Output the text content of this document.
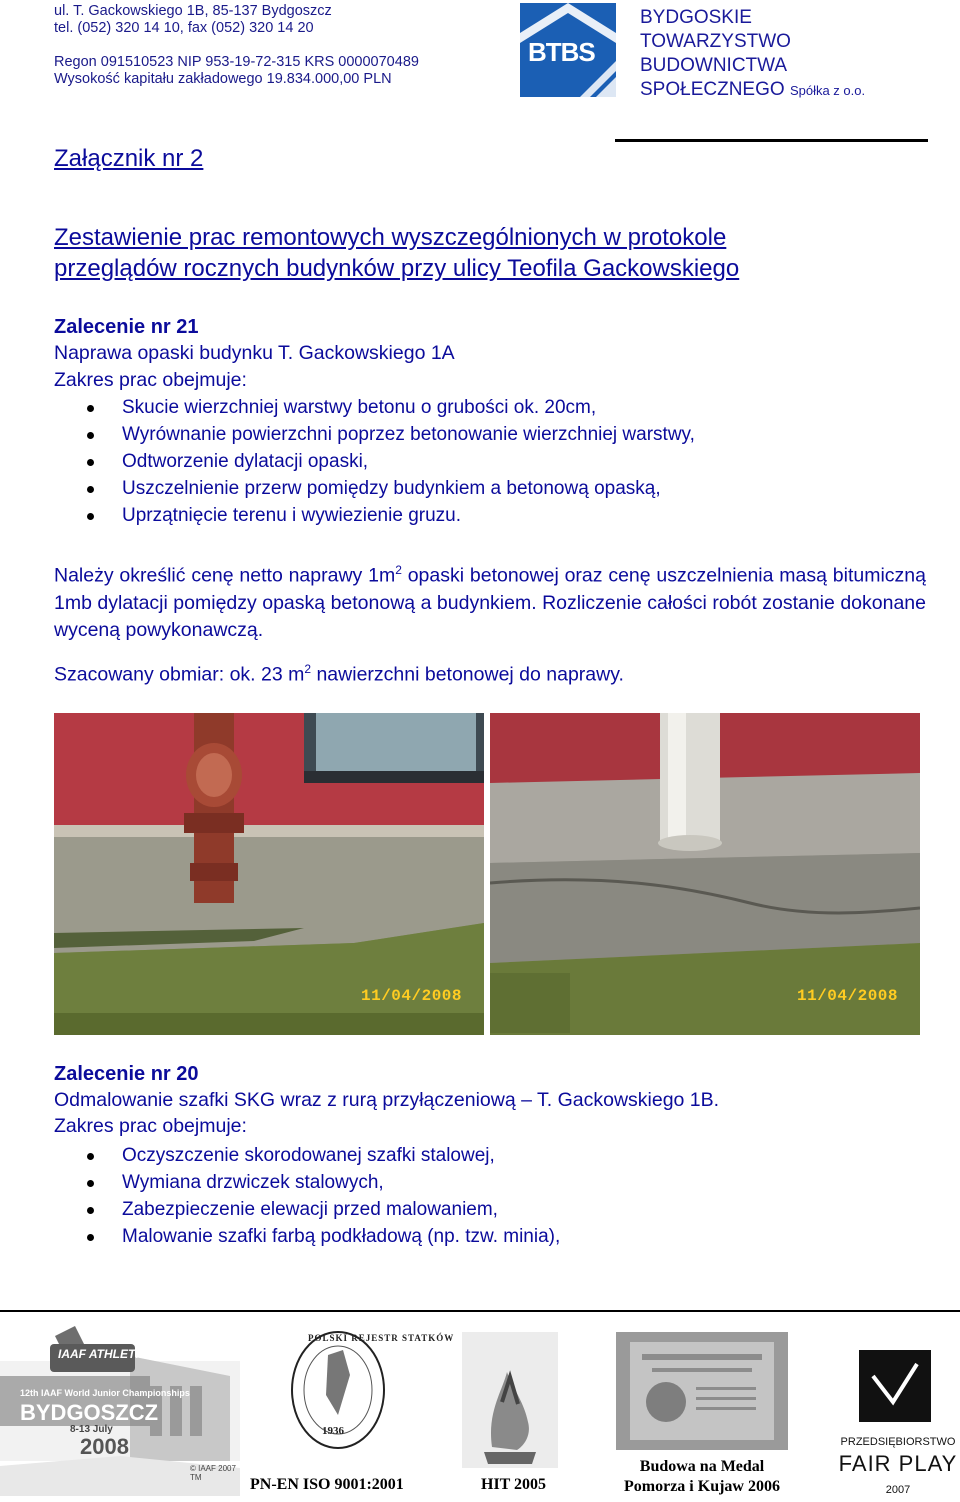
ul. T. Gackowskiego 1B, 85-137 Bydgoszcz
tel. (052) 320 14 10, fax (052) 320 14 20
Regon 091510523 NIP 953-19-72-315 KRS 0000070489
Wysokość kapitału zakładowego 19.834.000,00 PLN
BTBS
BYDGOSKIE
TOWARZYSTWO
BUDOWNICTWA
SPOŁECZNEGO Spółka z o.o.
Załącznik nr 2
Zestawienie prac remontowych wyszczególnionych w protokole
przeglądów rocznych budynków przy ulicy Teofila Gackowskiego
Zalecenie nr 21
Naprawa opaski budynku T. Gackowskiego 1A
Zakres prac obejmuje:
Skucie wierzchniej warstwy betonu o grubości ok. 20cm,
Wyrównanie powierzchni poprzez betonowanie wierzchniej warstwy,
Odtworzenie dylatacji opaski,
Uszczelnienie przerw pomiędzy budynkiem a betonową opaską,
Uprzątnięcie terenu i wywiezienie gruzu.
Należy określić cenę netto naprawy $1m^2$ opaski betonowej oraz cenę uszczelnienia masą bitumiczną 1mb dylatacji pomiędzy opaską betonową a budynkiem. Rozliczenie całości robót zostanie dokonane wyceną powykonawczą.
Szacowany obmiar: ok. 23 $m^2$ nawierzchni betonowej do naprawy.
11/04/2008	11/04/2008
Zalecenie nr 20
Odmalowanie szafki SKG wraz z rurą przyłączeniową – T. Gackowskiego 1B.
Zakres prac obejmuje:
Oczyszczenie skorodowanej szafki stalowej,
Wymiana drzwiczek stalowych,
Zabezpieczenie elewacji przed malowaniem,
Malowanie szafki farbą podkładową (np. tzw. minia),
IAAF ATHLETICS
12th IAAF World Junior Championships
BYDGOSZCZ
8-13 July
2008
© IAAF 2007 TM
POLSKI REJESTR STATKÓW
1936
PN-EN ISO 9001:2001	HIT 2005
Budowa na Medal
Pomorza i Kujaw 2006
PRZEDSIĘBIORSTWO
FAIR PLAY
2007
